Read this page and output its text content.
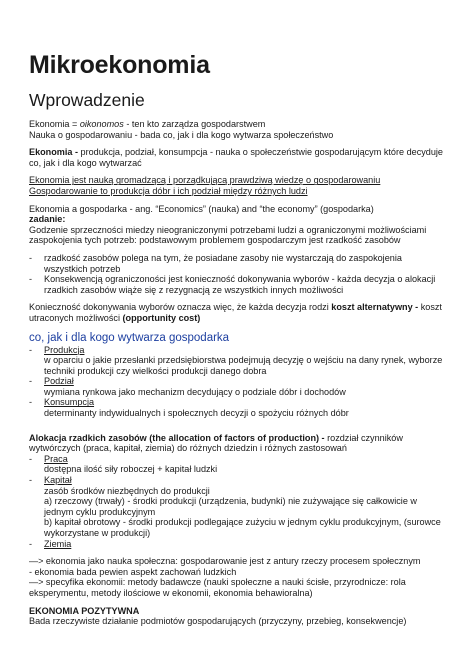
Mikroekonomia
Wprowadzenie

Ekonomia = oikonomos - ten kto zarządza gospodarstwem

Nauka o gospodarowaniu - bada co, jak i dla kogo wytwarza społeczeństwo

Ekonomia - produkcja, podział, konsumpcja - nauka o społeczeństwie gospodarującym które decyduje co, jak i dla kogo wytwarzać

Ekonomia jest nauką gromadzącą i porządkującą prawdziwą wiedzę o gospodarowaniu

Gospodarowanie to produkcja dóbr i ich podział między różnych ludzi

Ekonomia a gospodarka - ang. “Economics” (nauka) and “the economy” (gospodarka)

zadanie:

Godzenie sprzeczności miedzy nieograniczonymi potrzebami ludzi a ograniczonymi możliwościami zaspokojenia tych potrzeb: podstawowym problemem gospodarczym jest rzadkość zasobów

-	rzadkość zasobów polega na tym, że posiadane zasoby nie wystarczają do zaspokojenia wszystkich potrzeb
-	Konsekwencją ograniczoności jest konieczność dokonywania wyborów - każda decyzja o alokacji rzadkich zasobów wiąże się z rezygnacją ze wszystkich innych możliwości

Konieczność dokonywania wyborów oznacza więc, że każda decyzja rodzi koszt alternatywny - koszt utraconych możliwości (opportunity cost)

co, jak i dla kogo wytwarza gospodarka

-	Produkcja
w oparciu o jakie przesłanki przedsiębiorstwa podejmują decyzję o wejściu na dany rynek, wyborze techniki produkcji czy wielkości produkcji danego dobra
-	Podział
wymiana rynkowa jako mechanizm decydujący o podziale dóbr i dochodów
-	Konsumpcja
determinanty indywidualnych i społecznych decyzji o spożyciu różnych dóbr

Alokacja rzadkich zasobów (the allocation of factors of production) - rozdział czynników wytwórczych (praca, kapitał, ziemia) do różnych dziedzin i różnych zastosowań

-	Praca
dostępna ilość siły roboczej + kapitał ludzki
-	Kapitał
zasób środków niezbędnych do produkcji
a) rzeczowy (trwały) - środki produkcji (urządzenia, budynki) nie zużywające się całkowicie w jednym cyklu produkcyjnym
b) kapitał obrotowy - środki produkcji podlegające zużyciu w jednym cyklu produkcyjnym, (surowce wykorzystane w produkcji)
-	Ziemia

—> ekonomia jako nauka społeczna: gospodarowanie jest z antury rzeczy procesem społecznym

- ekonomia bada pewien aspekt zachowań ludzkich

—> specyfika ekonomii: metody badawcze (nauki społeczne a nauki ścisłe, przyrodnicze: rola eksperymentu, metody ilościowe w ekonomii, ekonomia behawioralna)

EKONOMIA POZYTYWNA

Bada rzeczywiste działanie podmiotów gospodarujących (przyczyny, przebieg, konsekwencje)
